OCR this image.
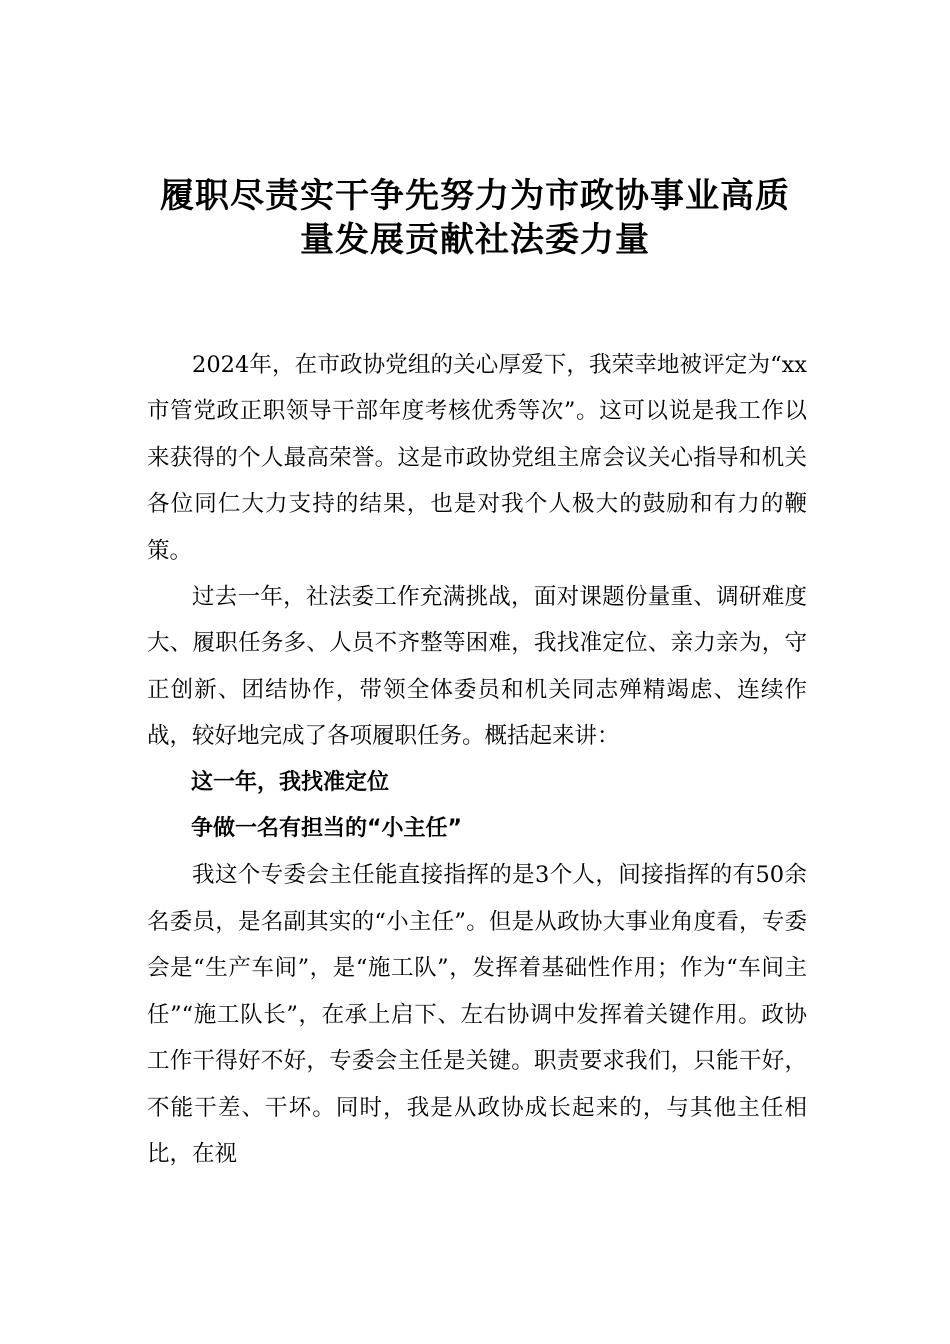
履职尽责实干争先努力为市政协事业高质
量发展贡献社法委力量

2024年，在市政协党组的关心厚爱下，我荣幸地被评定为“xx市管党政正职领导干部年度考核优秀等次”。这可以说是我工作以来获得的个人最高荣誉。这是市政协党组主席会议关心指导和机关各位同仁大力支持的结果，也是对我个人极大的鼓励和有力的鞭策。

过去一年，社法委工作充满挑战，面对课题份量重、调研难度大、履职任务多、人员不齐整等困难，我找准定位、亲力亲为，守正创新、团结协作，带领全体委员和机关同志殚精竭虑、连续作战，较好地完成了各项履职任务。概括起来讲：

这一年，我找准定位

争做一名有担当的“小主任”

我这个专委会主任能直接指挥的是3个人，间接指挥的有50余名委员，是名副其实的“小主任”。但是从政协大事业角度看，专委会是“生产车间”，是“施工队”，发挥着基础性作用；作为“车间主任”“施工队长”，在承上启下、左右协调中发挥着关键作用。政协工作干得好不好，专委会主任是关键。职责要求我们，只能干好，不能干差、干坏。同时，我是从政协成长起来的，与其他主任相比，在视
